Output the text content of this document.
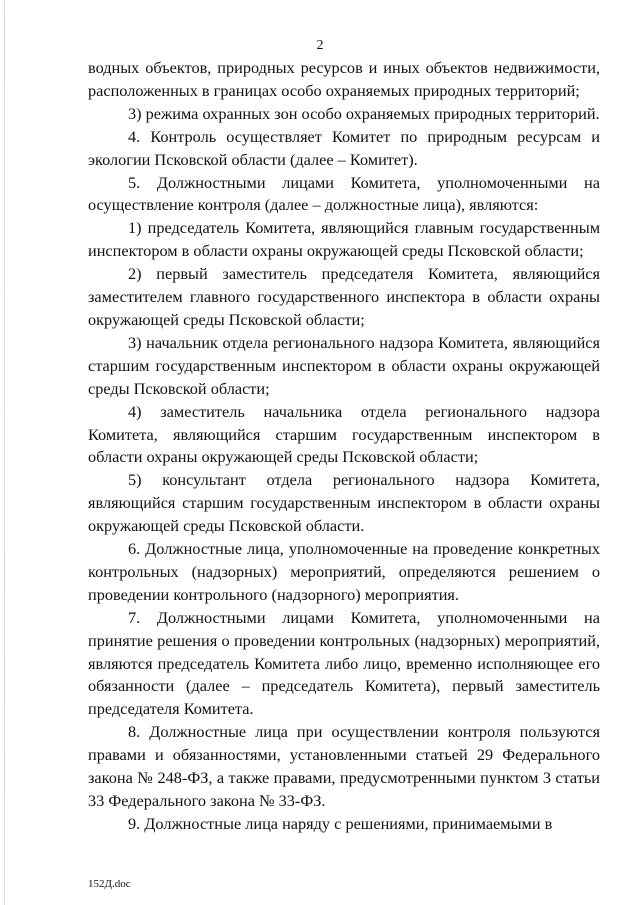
2

водных объектов, природных ресурсов и иных объектов недвижимости, расположенных в границах особо охраняемых природных территорий;

3) режима охранных зон особо охраняемых природных территорий.

4. Контроль осуществляет Комитет по природным ресурсам и экологии Псковской области (далее – Комитет).

5. Должностными лицами Комитета, уполномоченными на осуществление контроля (далее – должностные лица), являются:

1) председатель Комитета, являющийся главным государственным инспектором в области охраны окружающей среды Псковской области;

2) первый заместитель председателя Комитета, являющийся заместителем главного государственного инспектора в области охраны окружающей среды Псковской области;

3) начальник отдела регионального надзора Комитета, являющийся старшим государственным инспектором в области охраны окружающей среды Псковской области;

4) заместитель начальника отдела регионального надзора Комитета, являющийся старшим государственным инспектором в области охраны окружающей среды Псковской области;

5) консультант отдела регионального надзора Комитета, являющийся старшим государственным инспектором в области охраны окружающей среды Псковской области.

6. Должностные лица, уполномоченные на проведение конкретных контрольных (надзорных) мероприятий, определяются решением о проведении контрольного (надзорного) мероприятия.

7. Должностными лицами Комитета, уполномоченными на принятие решения о проведении контрольных (надзорных) мероприятий, являются председатель Комитета либо лицо, временно исполняющее его обязанности (далее – председатель Комитета), первый заместитель председателя Комитета.

8. Должностные лица при осуществлении контроля пользуются правами и обязанностями, установленными статьей 29 Федерального закона № 248-ФЗ, а также правами, предусмотренными пунктом 3 статьи 33 Федерального закона № 33-ФЗ.

9. Должностные лица наряду с решениями, принимаемыми в

152Д.doc
